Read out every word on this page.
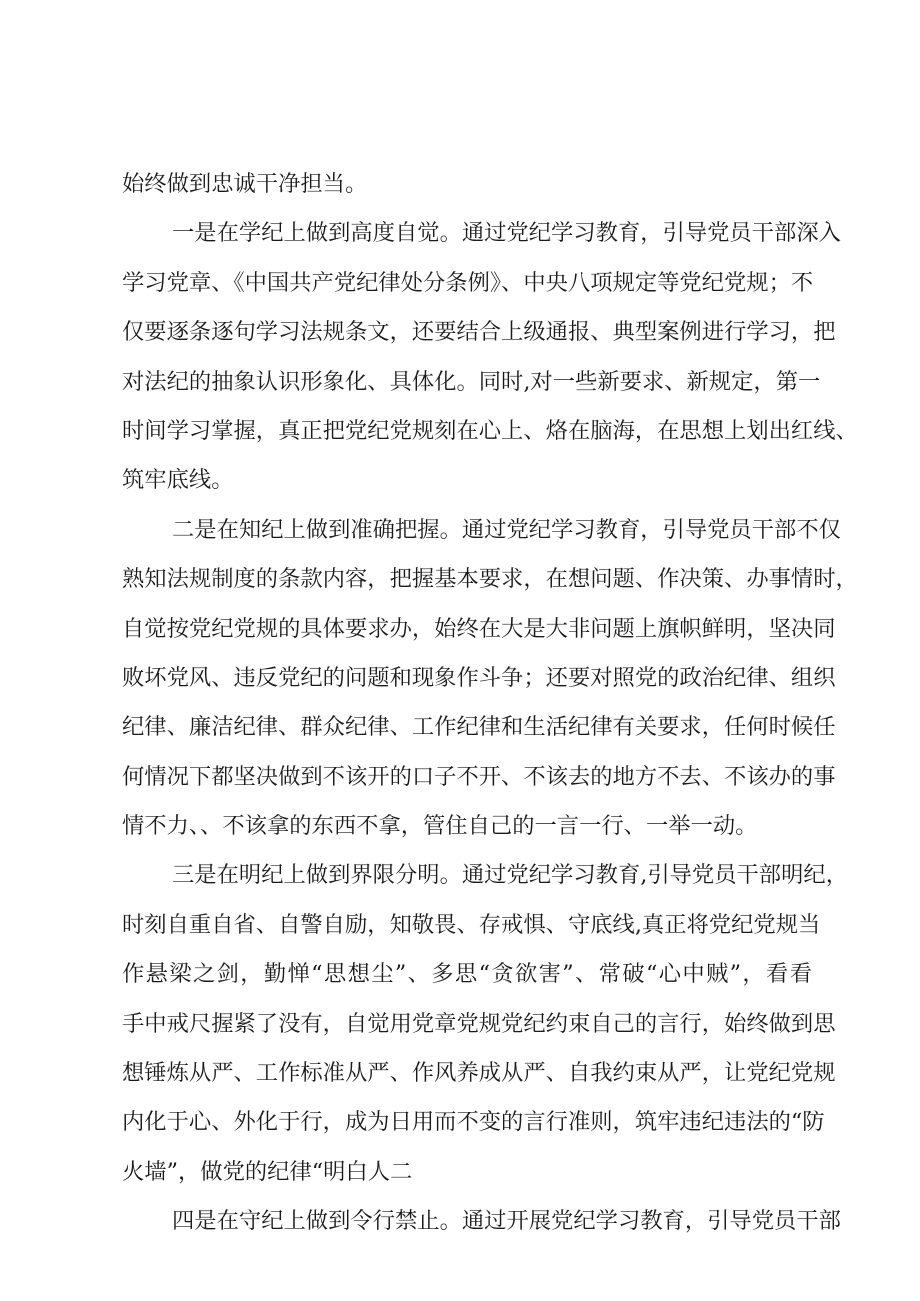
始终做到忠诚干净担当。
一是在学纪上做到高度自觉。通过党纪学习教育，引导党员干部深入
学习党章、《中国共产党纪律处分条例》、中央八项规定等党纪党规；不
仅要逐条逐句学习法规条文，还要结合上级通报、典型案例进行学习，把
对法纪的抽象认识形象化、具体化。同时,对一些新要求、新规定，第一
时间学习掌握，真正把党纪党规刻在心上、烙在脑海，在思想上划出红线、
筑牢底线。
二是在知纪上做到准确把握。通过党纪学习教育，引导党员干部不仅
熟知法规制度的条款内容，把握基本要求，在想问题、作决策、办事情时，
自觉按党纪党规的具体要求办，始终在大是大非问题上旗帜鲜明，坚决同
败坏党风、违反党纪的问题和现象作斗争；还要对照党的政治纪律、组织
纪律、廉洁纪律、群众纪律、工作纪律和生活纪律有关要求，任何时候任
何情况下都坚决做到不该开的口子不开、不该去的地方不去、不该办的事
情不力、、不该拿的东西不拿，管住自己的一言一行、一举一动。
三是在明纪上做到界限分明。通过党纪学习教育,引导党员干部明纪，
时刻自重自省、自警自励，知敬畏、存戒惧、守底线,真正将党纪党规当
作悬梁之剑，勤惮“思想尘”、多思“贪欲害”、常破“心中贼”，看看
手中戒尺握紧了没有，自觉用党章党规党纪约束自己的言行，始终做到思
想锤炼从严、工作标准从严、作风养成从严、自我约束从严，让党纪党规
内化于心、外化于行，成为日用而不变的言行准则，筑牢违纪违法的“防
火墙”，做党的纪律“明白人二
四是在守纪上做到令行禁止。通过开展党纪学习教育，引导党员干部
